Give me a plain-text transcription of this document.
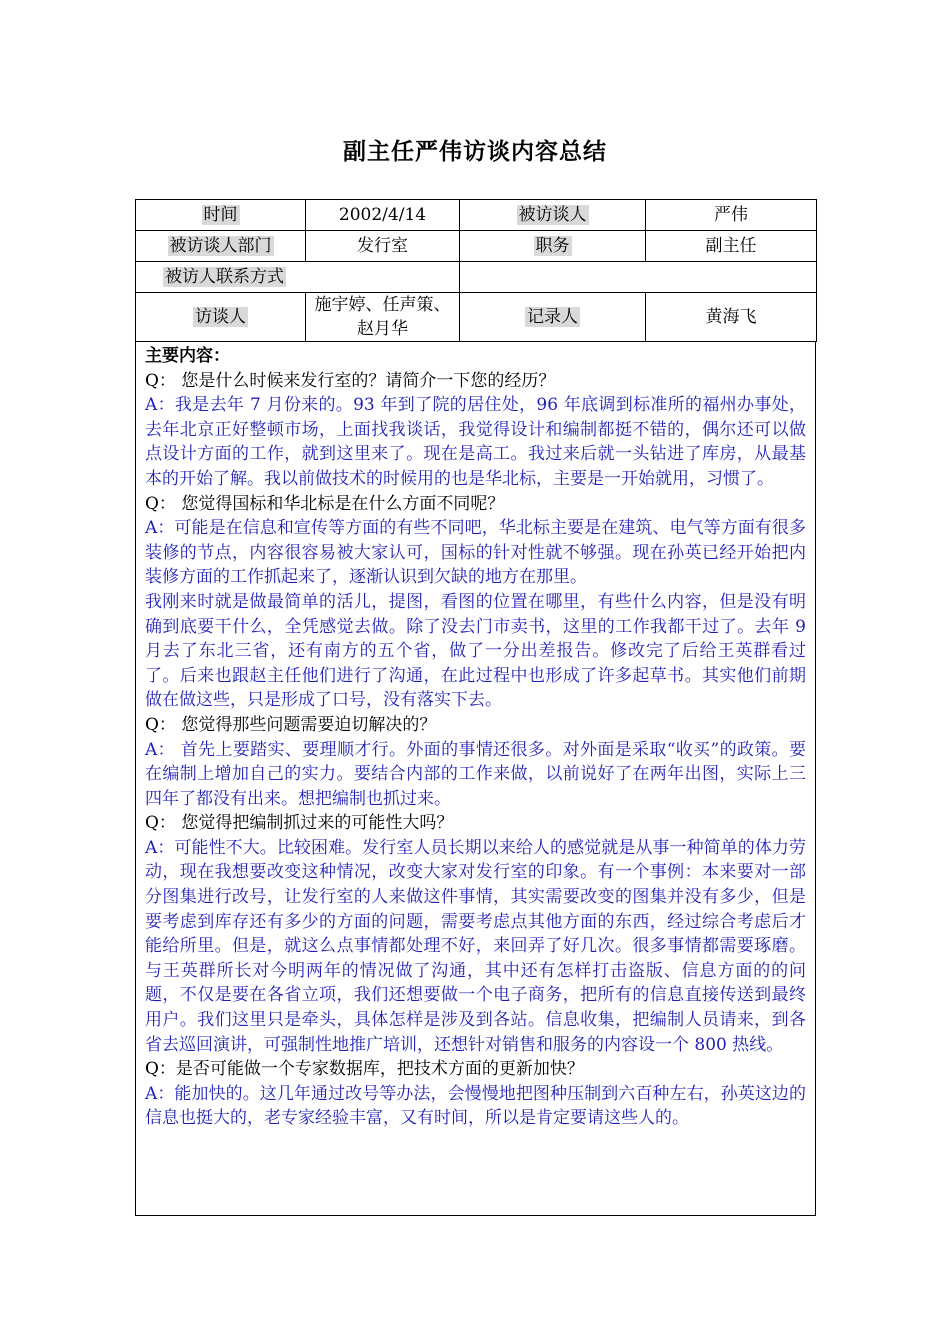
副主任严伟访谈内容总结
时间	2002/4/14	被访谈人	严伟
被访谈人部门	发行室	职务	副主任
被访人联系方式			
访谈人	施宇婷、任声策、赵月华	记录人	黄海飞

主要内容：

Q： 您是什么时候来发行室的？请简介一下您的经历？

A：我是去年 7 月份来的。93 年到了院的居住处，96 年底调到标准所的福州办事处，去年北京正好整顿市场，上面找我谈话，我觉得设计和编制都挺不错的，偶尔还可以做点设计方面的工作，就到这里来了。现在是高工。我过来后就一头钻进了库房，从最基本的开始了解。我以前做技术的时候用的也是华北标，主要是一开始就用，习惯了。

Q： 您觉得国标和华北标是在什么方面不同呢？

A：可能是在信息和宣传等方面的有些不同吧，华北标主要是在建筑、电气等方面有很多装修的节点，内容很容易被大家认可，国标的针对性就不够强。现在孙英已经开始把内装修方面的工作抓起来了，逐渐认识到欠缺的地方在那里。

我刚来时就是做最简单的活儿，提图，看图的位置在哪里，有些什么内容，但是没有明确到底要干什么，全凭感觉去做。除了没去门市卖书，这里的工作我都干过了。去年 9 月去了东北三省，还有南方的五个省，做了一分出差报告。修改完了后给王英群看过了。后来也跟赵主任他们进行了沟通，在此过程中也形成了许多起草书。其实他们前期做在做这些，只是形成了口号，没有落实下去。

Q： 您觉得那些问题需要迫切解决的？

A： 首先上要踏实、要理顺才行。外面的事情还很多。对外面是采取“收买”的政策。要在编制上增加自己的实力。要结合内部的工作来做，以前说好了在两年出图，实际上三四年了都没有出来。想把编制也抓过来。

Q： 您觉得把编制抓过来的可能性大吗？

A：可能性不大。比较困难。发行室人员长期以来给人的感觉就是从事一种简单的体力劳动，现在我想要改变这种情况，改变大家对发行室的印象。有一个事例：本来要对一部分图集进行改号，让发行室的人来做这件事情，其实需要改变的图集并没有多少，但是要考虑到库存还有多少的方面的问题，需要考虑点其他方面的东西，经过综合考虑后才能给所里。但是，就这么点事情都处理不好，来回弄了好几次。很多事情都需要琢磨。与王英群所长对今明两年的情况做了沟通，其中还有怎样打击盗版、信息方面的的问题，不仅是要在各省立项，我们还想要做一个电子商务，把所有的信息直接传送到最终用户。我们这里只是牵头，具体怎样是涉及到各站。信息收集，把编制人员请来，到各省去巡回演讲，可强制性地推广培训，还想针对销售和服务的内容设一个 800 热线。

Q：是否可能做一个专家数据库，把技术方面的更新加快？

A：能加快的。这几年通过改号等办法，会慢慢地把图种压制到六百种左右，孙英这边的信息也挺大的，老专家经验丰富，又有时间，所以是肯定要请这些人的。
